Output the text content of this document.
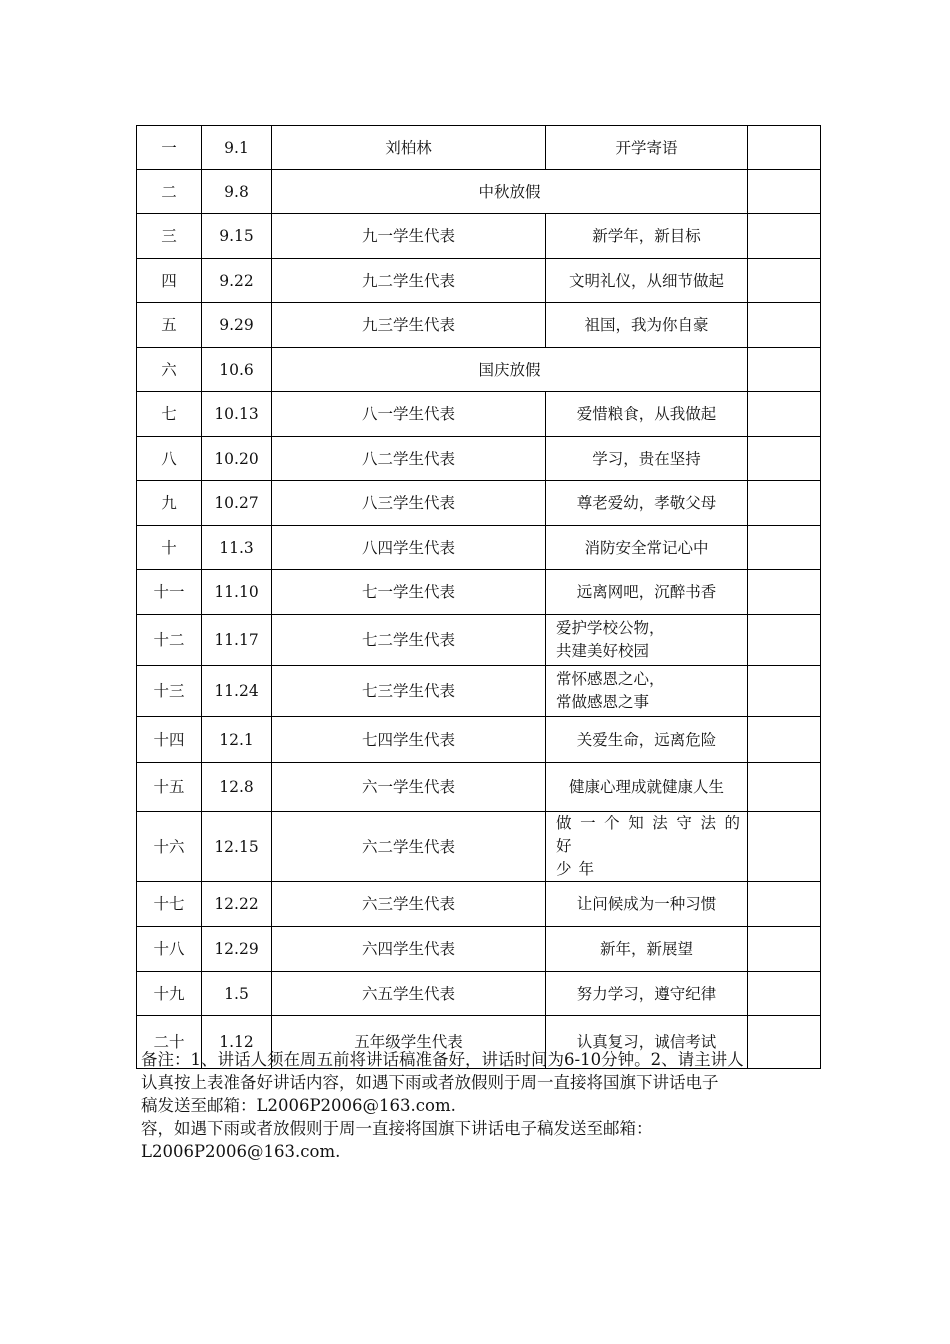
一	9.1	刘柏林	开学寄语	
二	9.8	中秋放假		
三	9.15	九一学生代表	新学年，新目标	
四	9.22	九二学生代表	文明礼仪，从细节做起	
五	9.29	九三学生代表	祖国，我为你自豪	
六	10.6	国庆放假		
七	10.13	八一学生代表	爱惜粮食，从我做起	
八	10.20	八二学生代表	学习，贵在坚持	
九	10.27	八三学生代表	尊老爱幼，孝敬父母	
十	11.3	八四学生代表	消防安全常记心中	
十一	11.10	七一学生代表	远离网吧，沉醉书香	
十二	11.17	七二学生代表	爱护学校公物，
共建美好校园	

十三	11.24	七三学生代表	常怀感恩之心，
常做感恩之事	

十四	12.1	七四学生代表	关爱生命，远离危险	
十五	12.8	六一学生代表	健康心理成就健康人生	
十六	12.15	六二学生代表	做一个知法守法的好
少年	

十七	12.22	六三学生代表	让问候成为一种习惯	
十八	12.29	六四学生代表	新年，新展望	
十九	1.5	六五学生代表	努力学习，遵守纪律	
二十	1.12	五年级学生代表	认真复习，诚信考试	
备注：1、讲话人须在周五前将讲话稿准备好，讲话时间为6-10分钟。2、请主讲人
认真按上表准备好讲话内容，如遇下雨或者放假则于周一直接将国旗下讲话电子
稿发送至邮箱：L2006P2006@163.com.
容，如遇下雨或者放假则于周一直接将国旗下讲话电子稿发送至邮箱：
L2006P2006@163.com.
